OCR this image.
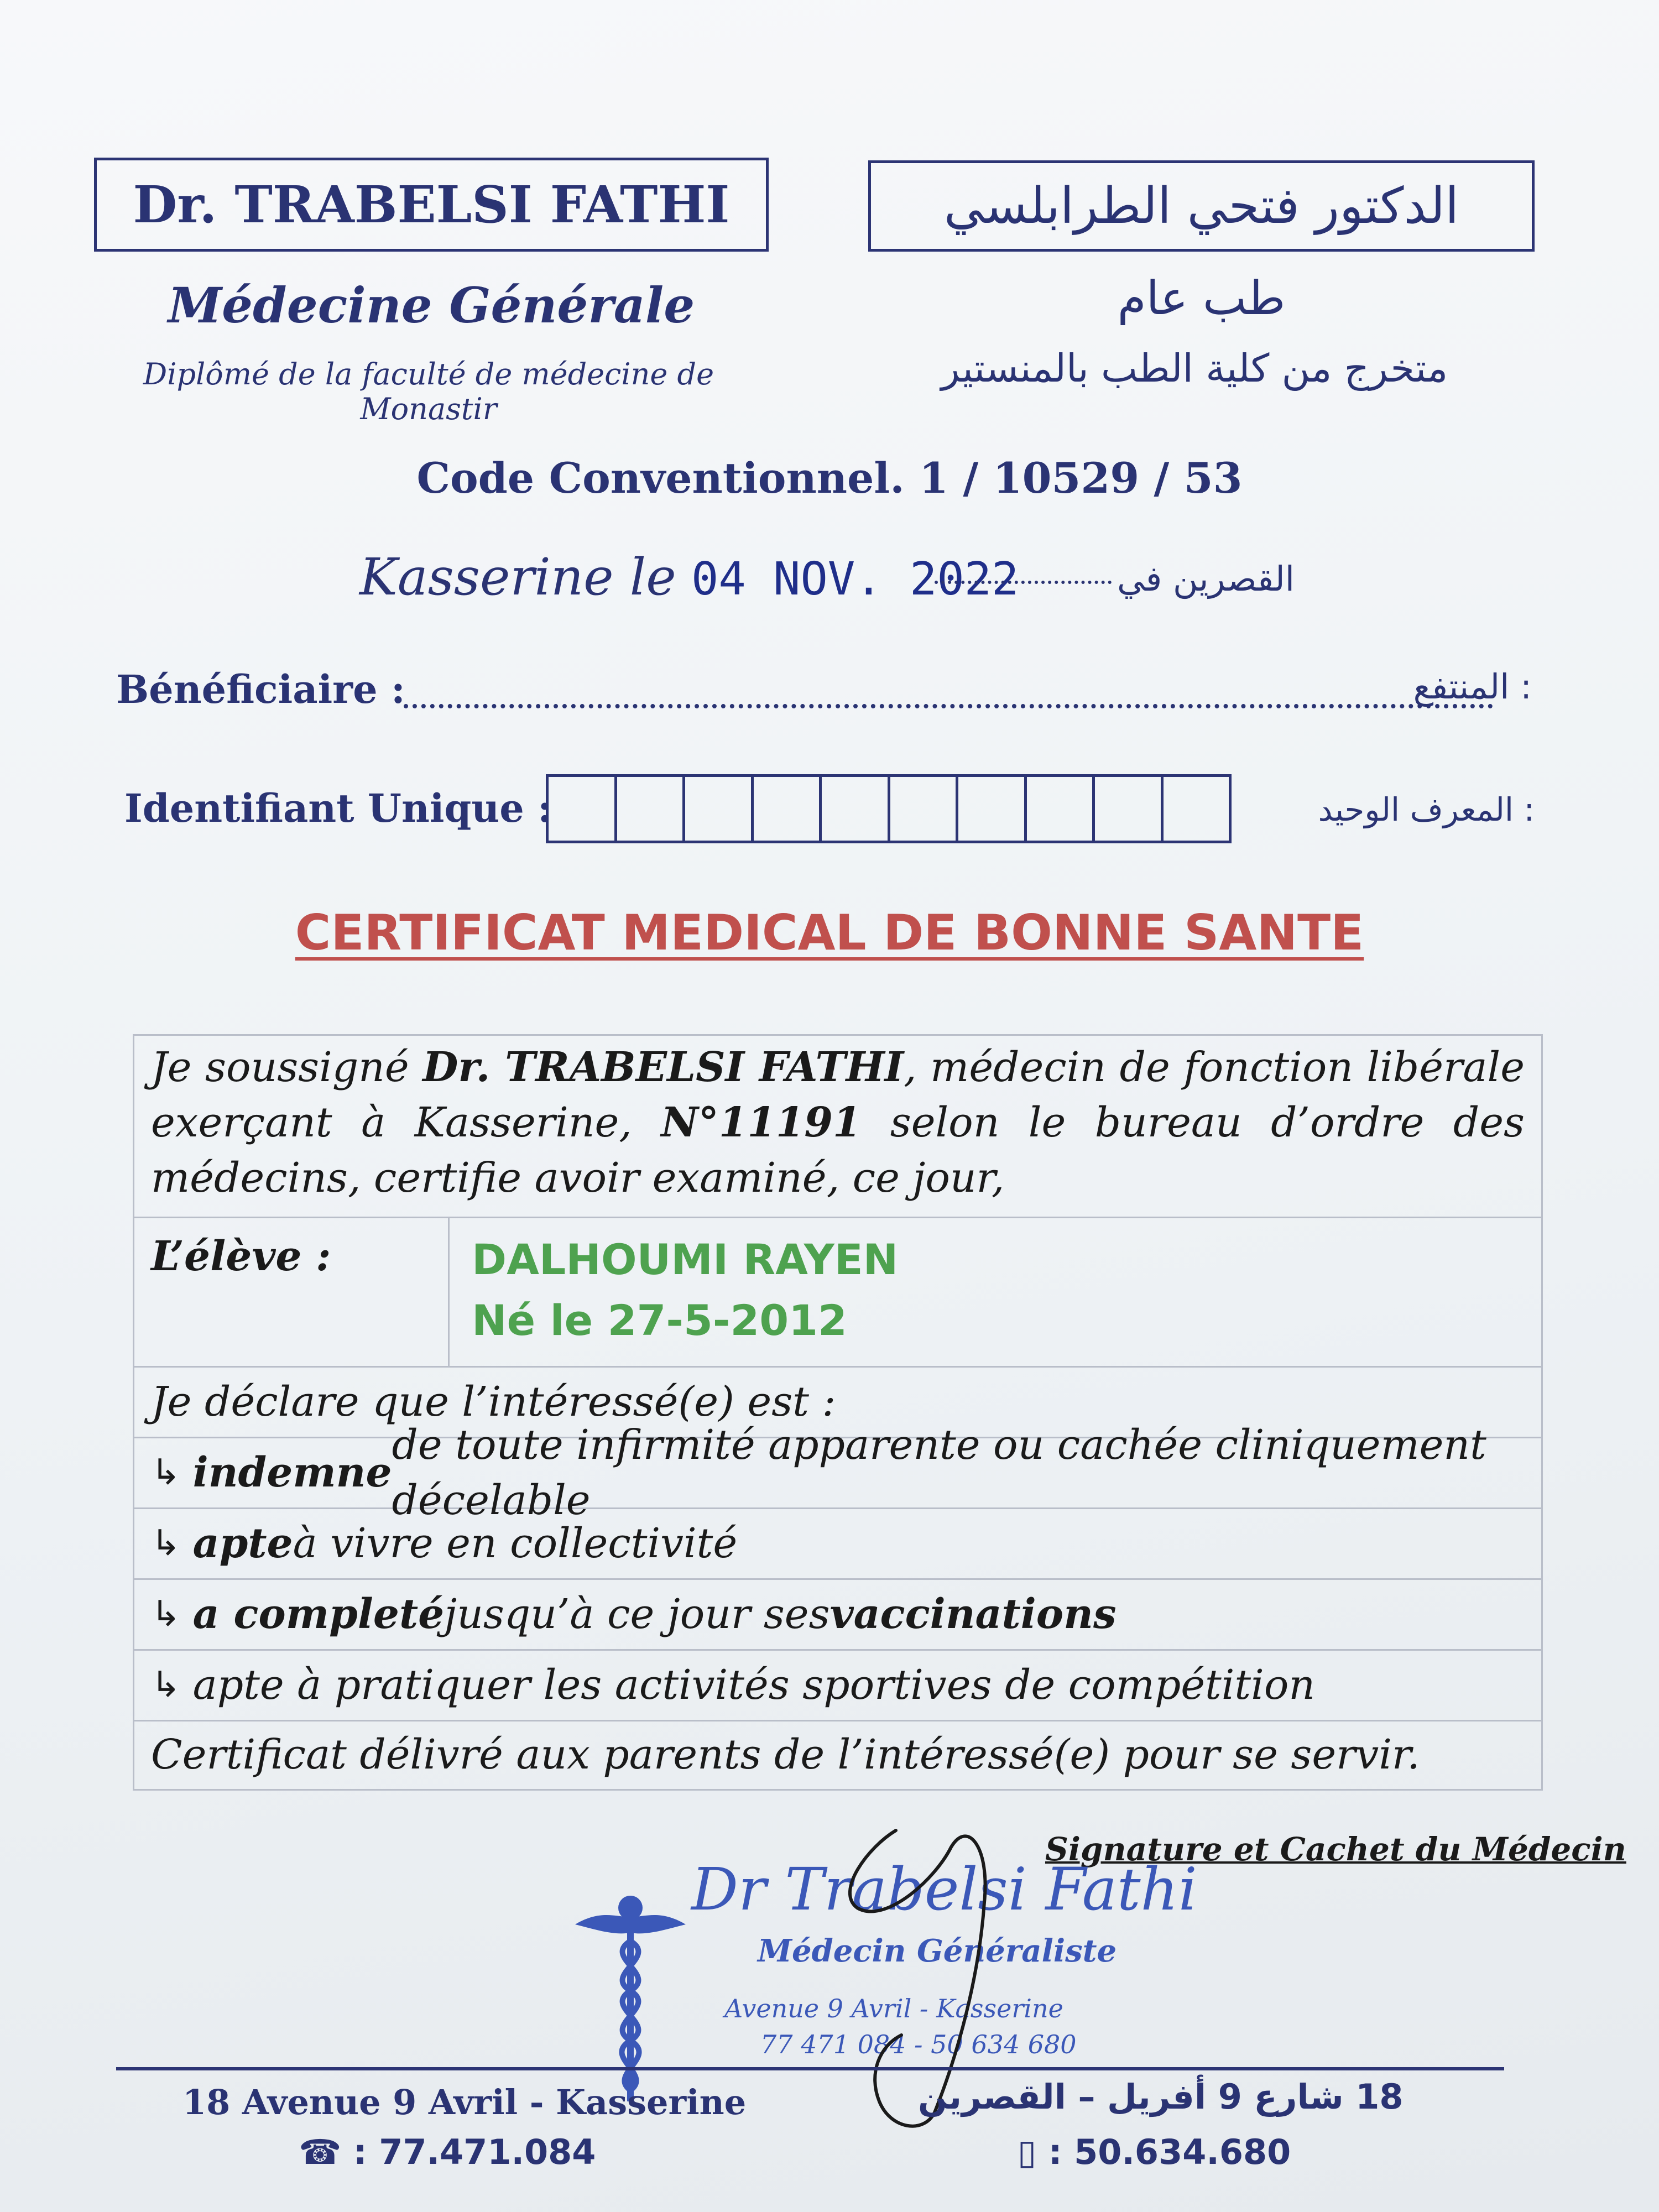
Dr. TRABELSI FATHI	الدكتور فتحي الطرابلسي
Médecine Générale	طب عام
Diplômé de la faculté de médecine de Monastir
متخرج من كلية الطب بالمنستير
Code Conventionnel. 1 / 10529 / 53
Kasserine le 04 NOV. 2022	القصرين في
Bénéficiaire :	: المنتفع
Identifiant Unique :	: المعرف الوحيد
CERTIFICAT MEDICAL DE BONNE SANTE
Je soussigné Dr. TRABELSI FATHI, médecin de fonction libérale exerçant à Kasserine, N°11191 selon le bureau d’ordre des médecins, certifie avoir examiné, ce jour,
L’élève :	DALHOUMI RAYEN
Né le 27-5-2012
Je déclare que l’intéressé(e) est :
↳ indemne
de toute infirmité apparente ou cachée cliniquement décelable
↳ apte à vivre en collectivité
↳ a completé jusqu’à ce jour ses vaccinations
↳ apte à pratiquer les activités sportives de compétition
Certificat délivré aux parents de l’intéressé(e) pour se servir.
Signature et Cachet du Médecin
Dr Trabelsi Fathi
Médecin Généraliste
Avenue 9 Avril - Kasserine
77 471 084 - 50 634 680
18 Avenue 9 Avril - Kasserine	18 شارع 9 أفريل – القصرين
☎ : 77.471.084	▯ : 50.634.680
